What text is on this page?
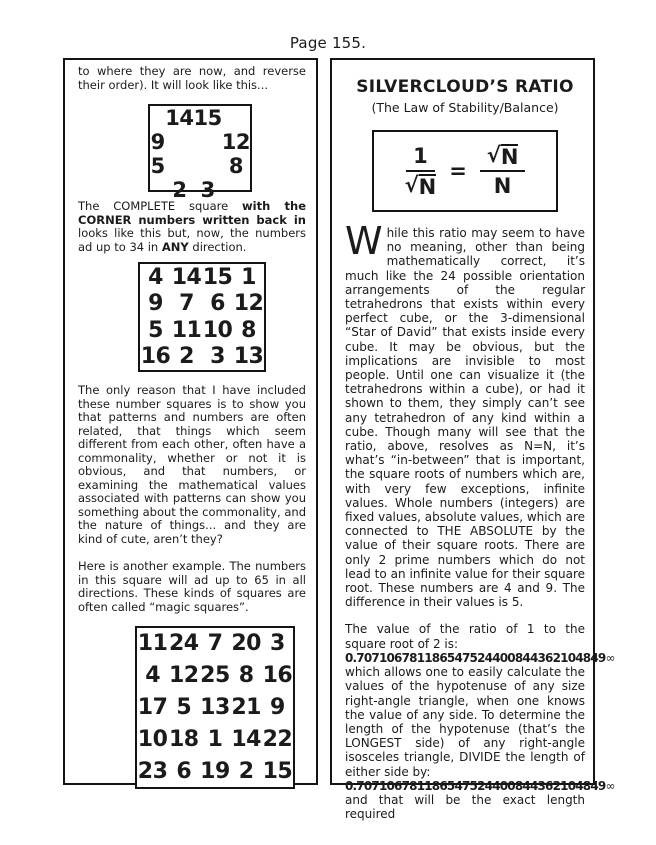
Page 155.
to where they are now, and reverse their order). It will look like this...
14 15
9	12
5	8
2 3
The COMPLETE square with the CORNER numbers written back in looks like this but, now, the numbers ad up to 34 in ANY direction.
4 14 15 1
9 7 6 12
5 11 10 8
16 2 3 13
The only reason that I have included these number squares is to show you that patterns and numbers are often related, that things which seem different from each other, often have a commonality, whether or not it is obvious, and that numbers, or examining the mathematical values associated with patterns can show you something about the commonality, and the nature of things... and they are kind of cute, aren’t they?
Here is another example. The numbers in this square will ad up to 65 in all directions. These kinds of squares are often called “magic squares”.
11 24 7 20 3
4 12 25 8 16
17 5 13 21 9
10 18 1 14 22
23 6 19 2 15
SILVERCLOUD’S RATIO
(The Law of Stability/Balance)
$\frac{1}{√ N} = \frac{√ N}{N}$
While this ratio may seem to have no meaning, other than being mathematically correct, it’s much like the 24 possible orientation arrangements of the regular tetrahedrons that exists within every perfect cube, or the 3-dimensional “Star of David” that exists inside every cube. It may be obvious, but the implications are invisible to most people. Until one can visualize it (the tetrahedrons within a cube), or had it shown to them, they simply can’t see any tetrahedron of any kind within a cube. Though many will see that the ratio, above, resolves as N=N, it’s what’s “in-between” that is important, the square roots of numbers which are, with very few exceptions, infinite values. Whole numbers (integers) are fixed values, absolute values, which are connected to THE ABSOLUTE by the value of their square roots. There are only 2 prime numbers which do not lead to an infinite value for their square root. These numbers are 4 and 9. The difference in their values is 5.
The value of the ratio of 1 to the square root of 2 is:
0.707106781186547524400844362104849∞
which allows one to easily calculate the values of the hypotenuse of any size right-angle triangle, when one knows the value of any side. To determine the length of the hypotenuse (that’s the LONGEST side) of any right-angle isosceles triangle, DIVIDE the length of either side by:
0.707106781186547524400844362104849∞
and that will be the exact length required
